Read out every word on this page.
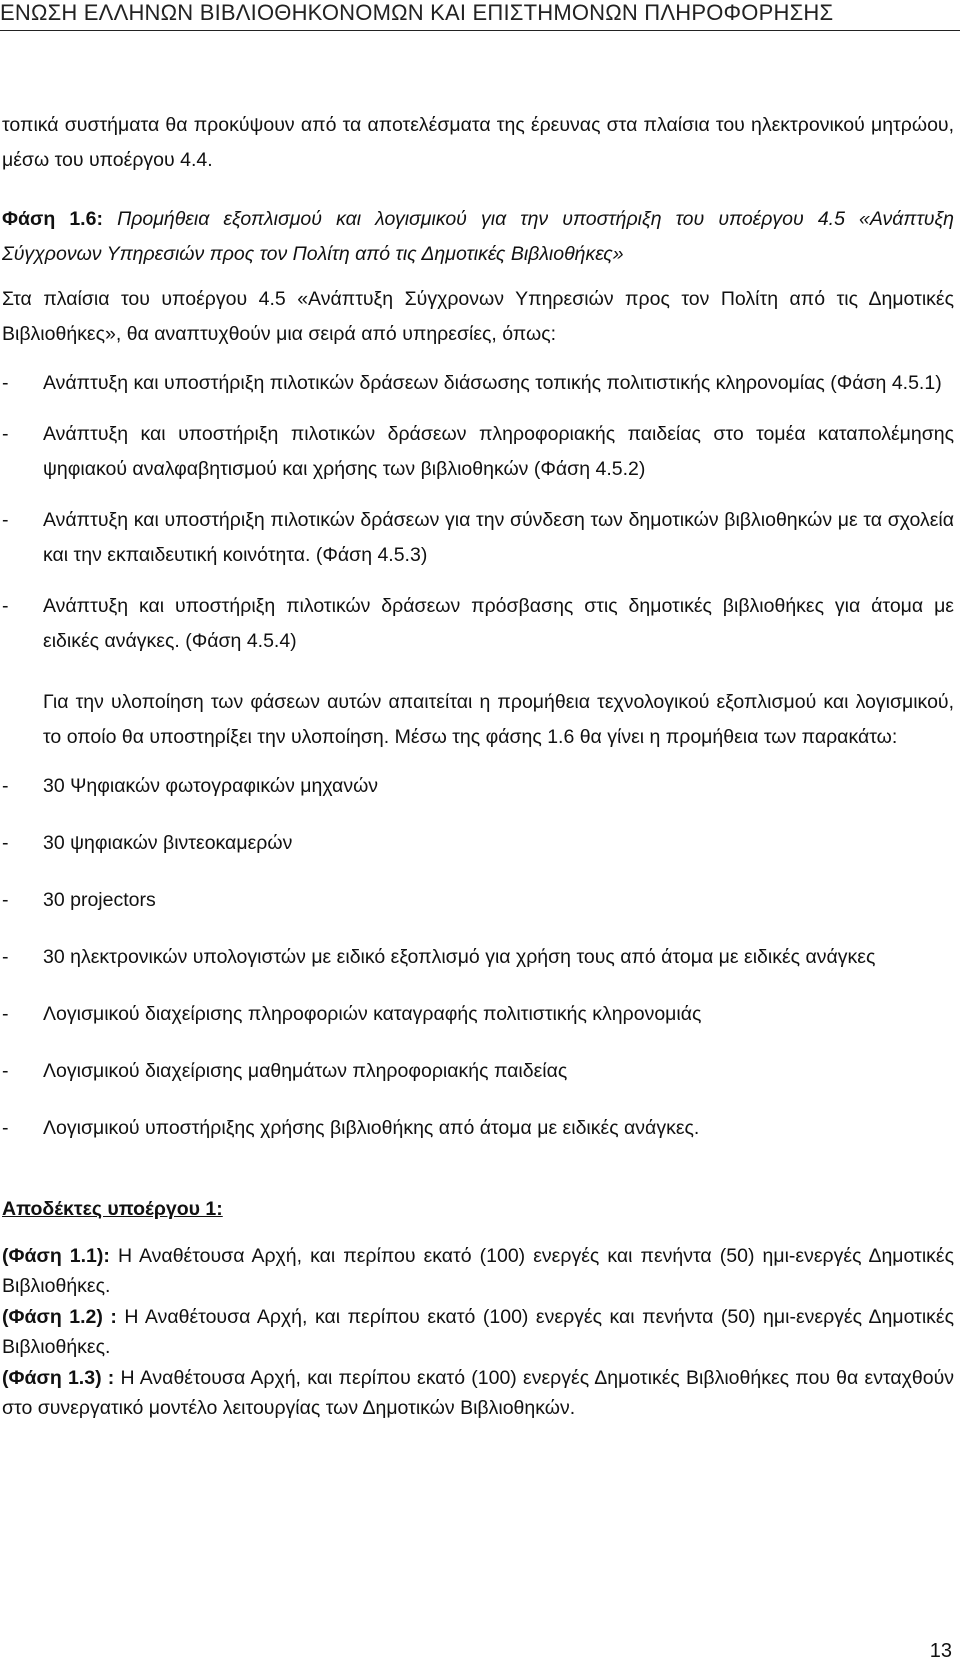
ΕΝΩΣΗ ΕΛΛΗΝΩΝ ΒΙΒΛΙΟΘΗΚΟΝΟΜΩΝ ΚΑΙ ΕΠΙΣΤΗΜΟΝΩΝ ΠΛΗΡΟΦΟΡΗΣΗΣ

τοπικά συστήματα θα προκύψουν από τα αποτελέσματα της έρευνας στα πλαίσια του ηλεκτρονικού μητρώου, μέσω του υποέργου 4.4.

Φάση 1.6: Προμήθεια εξοπλισμού και λογισμικού για την υποστήριξη του υποέργου 4.5 «Ανάπτυξη Σύγχρονων Υπηρεσιών προς τον Πολίτη από τις Δημοτικές Βιβλιοθήκες»

Στα πλαίσια του υποέργου 4.5 «Ανάπτυξη Σύγχρονων Υπηρεσιών προς τον Πολίτη από τις Δημοτικές Βιβλιοθήκες», θα αναπτυχθούν μια σειρά από υπηρεσίες, όπως:

- Ανάπτυξη και υποστήριξη πιλοτικών δράσεων διάσωσης τοπικής πολιτιστικής κληρονομίας (Φάση 4.5.1)
- Ανάπτυξη και υποστήριξη πιλοτικών δράσεων πληροφοριακής παιδείας στο τομέα καταπολέμησης ψηφιακού αναλφαβητισμού και χρήσης των βιβλιοθηκών (Φάση 4.5.2)
- Ανάπτυξη και υποστήριξη πιλοτικών δράσεων για την σύνδεση των δημοτικών βιβλιοθηκών με τα σχολεία και την εκπαιδευτική κοινότητα. (Φάση 4.5.3)
- Ανάπτυξη και υποστήριξη πιλοτικών δράσεων πρόσβασης στις δημοτικές βιβλιοθήκες για άτομα με ειδικές ανάγκες. (Φάση 4.5.4)

Για την υλοποίηση των φάσεων αυτών απαιτείται η προμήθεια τεχνολογικού εξοπλισμού και λογισμικού, το οποίο θα υποστηρίξει την υλοποίηση. Μέσω της φάσης 1.6 θα γίνει η προμήθεια των παρακάτω:

- 30 Ψηφιακών φωτογραφικών μηχανών
- 30 ψηφιακών βιντεοκαμερών
- 30 projectors
- 30 ηλεκτρονικών υπολογιστών με ειδικό εξοπλισμό για χρήση τους από άτομα με ειδικές ανάγκες
- Λογισμικού διαχείρισης πληροφοριών καταγραφής πολιτιστικής κληρονομιάς
- Λογισμικού διαχείρισης μαθημάτων πληροφοριακής παιδείας
- Λογισμικού υποστήριξης χρήσης βιβλιοθήκης από άτομα με ειδικές ανάγκες.

Αποδέκτες υποέργου 1:

(Φάση 1.1): Η Αναθέτουσα Αρχή, και περίπου εκατό (100) ενεργές και πενήντα (50) ημι-ενεργές Δημοτικές Βιβλιοθήκες.

(Φάση 1.2) : Η Αναθέτουσα Αρχή, και περίπου εκατό (100) ενεργές και πενήντα (50) ημι-ενεργές Δημοτικές Βιβλιοθήκες.

(Φάση 1.3) : Η Αναθέτουσα Αρχή, και περίπου εκατό (100) ενεργές Δημοτικές Βιβλιοθήκες που θα ενταχθούν στο συνεργατικό μοντέλο λειτουργίας των Δημοτικών Βιβλιοθηκών.

13
